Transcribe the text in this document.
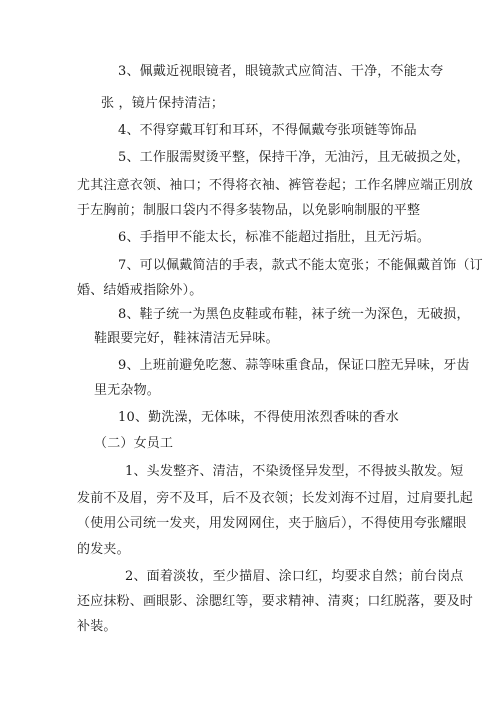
3、佩戴近视眼镜者，眼镜款式应简洁、干净，不能太夸
张 ，镜片保持清洁；
4、不得穿戴耳钉和耳环，不得佩戴夸张项链等饰品
5、工作服需熨烫平整，保持干净，无油污，且无破损之处，
尤其注意衣领、袖口；不得将衣袖、裤管卷起；工作名牌应端正別放
于左胸前；制服口袋内不得多装物品，以免影响制服的平整
6、手指甲不能太长，标准不能超过指肚，且无污垢。
7、可以佩戴简洁的手表，款式不能太宽张；不能佩戴首饰（订
婚、结婚戒指除外）。
8、鞋子统一为黑色皮鞋或布鞋，袜子统一为深色，无破损，
鞋跟要完好，鞋袜清洁无异味。
9、上班前避免吃葱、蒜等味重食品，保证口腔无异味，牙齿
里无杂物。
10、勤洗澡，无体味，不得使用浓烈香味的香水
（二）女员工
1、头发整齐、清洁，不染烫怪异发型，不得披头散发。短
发前不及眉，旁不及耳，后不及衣领；长发刘海不过眉，过肩要扎起
（使用公司统一发夹，用发网网住，夹于脑后），不得使用夸张耀眼
的发夹。
2、面着淡妆，至少描眉、涂口红，均要求自然；前台岗点
还应抹粉、画眼影、涂腮红等，要求精神、清爽；口红脱落，要及时
补装。
